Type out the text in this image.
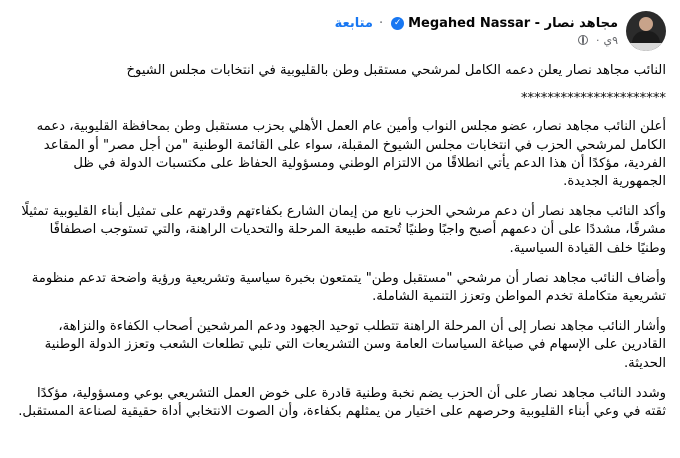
مجاهد نصار - Megahed Nassar
✓
·
متابعة
٩ي
·

النائب مجاهد نصار يعلن دعمه الكامل لمرشحي مستقبل وطن بالقليوبية في انتخابات مجلس الشيوخ

**********************

أعلن النائب مجاهد نصار، عضو مجلس النواب وأمين عام العمل الأهلي بحزب مستقبل وطن بمحافظة القليوبية، دعمه الكامل لمرشحي الحزب في انتخابات مجلس الشيوخ المقبلة، سواء على القائمة الوطنية "من أجل مصر" أو المقاعد الفردية، مؤكدًا أن هذا الدعم يأتي انطلاقًا من الالتزام الوطني ومسؤولية الحفاظ على مكتسبات الدولة في ظل الجمهورية الجديدة.

وأكد النائب مجاهد نصار أن دعم مرشحي الحزب نابع من إيمان الشارع بكفاءتهم وقدرتهم على تمثيل أبناء القليوبية تمثيلًا مشرفًا، مشددًا على أن دعمهم أصبح واجبًا وطنيًا تُحتمه طبيعة المرحلة والتحديات الراهنة، والتي تستوجب اصطفافًا وطنيًا خلف القيادة السياسية.

وأضاف النائب مجاهد نصار أن مرشحي "مستقبل وطن" يتمتعون بخبرة سياسية وتشريعية ورؤية واضحة تدعم منظومة تشريعية متكاملة تخدم المواطن وتعزز التنمية الشاملة.

وأشار النائب مجاهد نصار إلى أن المرحلة الراهنة تتطلب توحيد الجهود ودعم المرشحين أصحاب الكفاءة والنزاهة، القادرين على الإسهام في صياغة السياسات العامة وسن التشريعات التي تلبي تطلعات الشعب وتعزز الدولة الوطنية الحديثة.

وشدد النائب مجاهد نصار على أن الحزب يضم نخبة وطنية قادرة على خوض العمل التشريعي بوعي ومسؤولية، مؤكدًا ثقته في وعي أبناء القليوبية وحرصهم على اختيار من يمثلهم بكفاءة، وأن الصوت الانتخابي أداة حقيقية لصناعة المستقبل.
